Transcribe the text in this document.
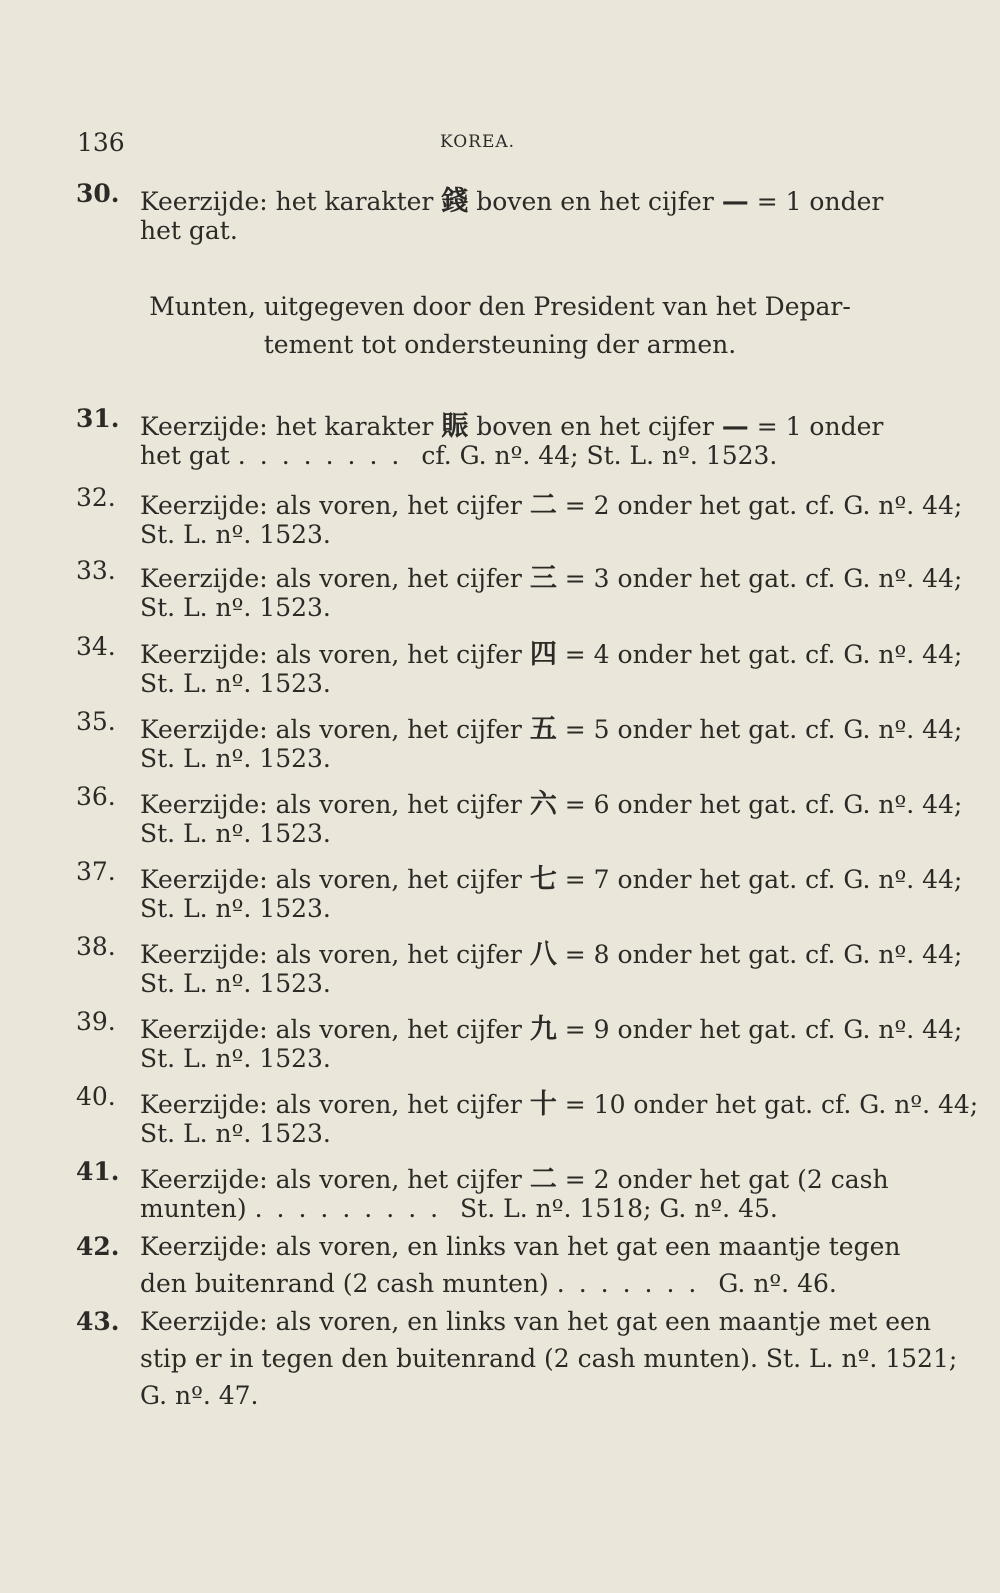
136	KOREA.
30. Keerzijde: het karakter 錢 boven en het cijfer — = 1 onder
het gat.
Munten, uitgegeven door den President van het Depar-
tement tot ondersteuning der armen.
31. Keerzijde: het karakter 賑 boven en het cijfer — = 1 onder
het gat ........ cf. G. nº. 44; St. L. nº. 1523.
32. Keerzijde: als voren, het cijfer 二 = 2 onder het gat. cf. G. nº. 44;
St. L. nº. 1523.
33. Keerzijde: als voren, het cijfer 三 = 3 onder het gat. cf. G. nº. 44;
St. L. nº. 1523.
34. Keerzijde: als voren, het cijfer 四 = 4 onder het gat. cf. G. nº. 44;
St. L. nº. 1523.
35. Keerzijde: als voren, het cijfer 五 = 5 onder het gat. cf. G. nº. 44;
St. L. nº. 1523.
36. Keerzijde: als voren, het cijfer 六 = 6 onder het gat. cf. G. nº. 44;
St. L. nº. 1523.
37. Keerzijde: als voren, het cijfer 七 = 7 onder het gat. cf. G. nº. 44;
St. L. nº. 1523.
38. Keerzijde: als voren, het cijfer 八 = 8 onder het gat. cf. G. nº. 44;
St. L. nº. 1523.
39. Keerzijde: als voren, het cijfer 九 = 9 onder het gat. cf. G. nº. 44;
St. L. nº. 1523.
40. Keerzijde: als voren, het cijfer 十 = 10 onder het gat. cf. G. nº. 44;
St. L. nº. 1523.
41. Keerzijde: als voren, het cijfer 二 = 2 onder het gat (2 cash
munten) ......... St. L. nº. 1518; G. nº. 45.
42. Keerzijde: als voren, en links van het gat een maantje tegen
den buitenrand (2 cash munten) ....... G. nº. 46.
43. Keerzijde: als voren, en links van het gat een maantje met een
stip er in tegen den buitenrand (2 cash munten). St. L. nº. 1521;
G. nº. 47.
